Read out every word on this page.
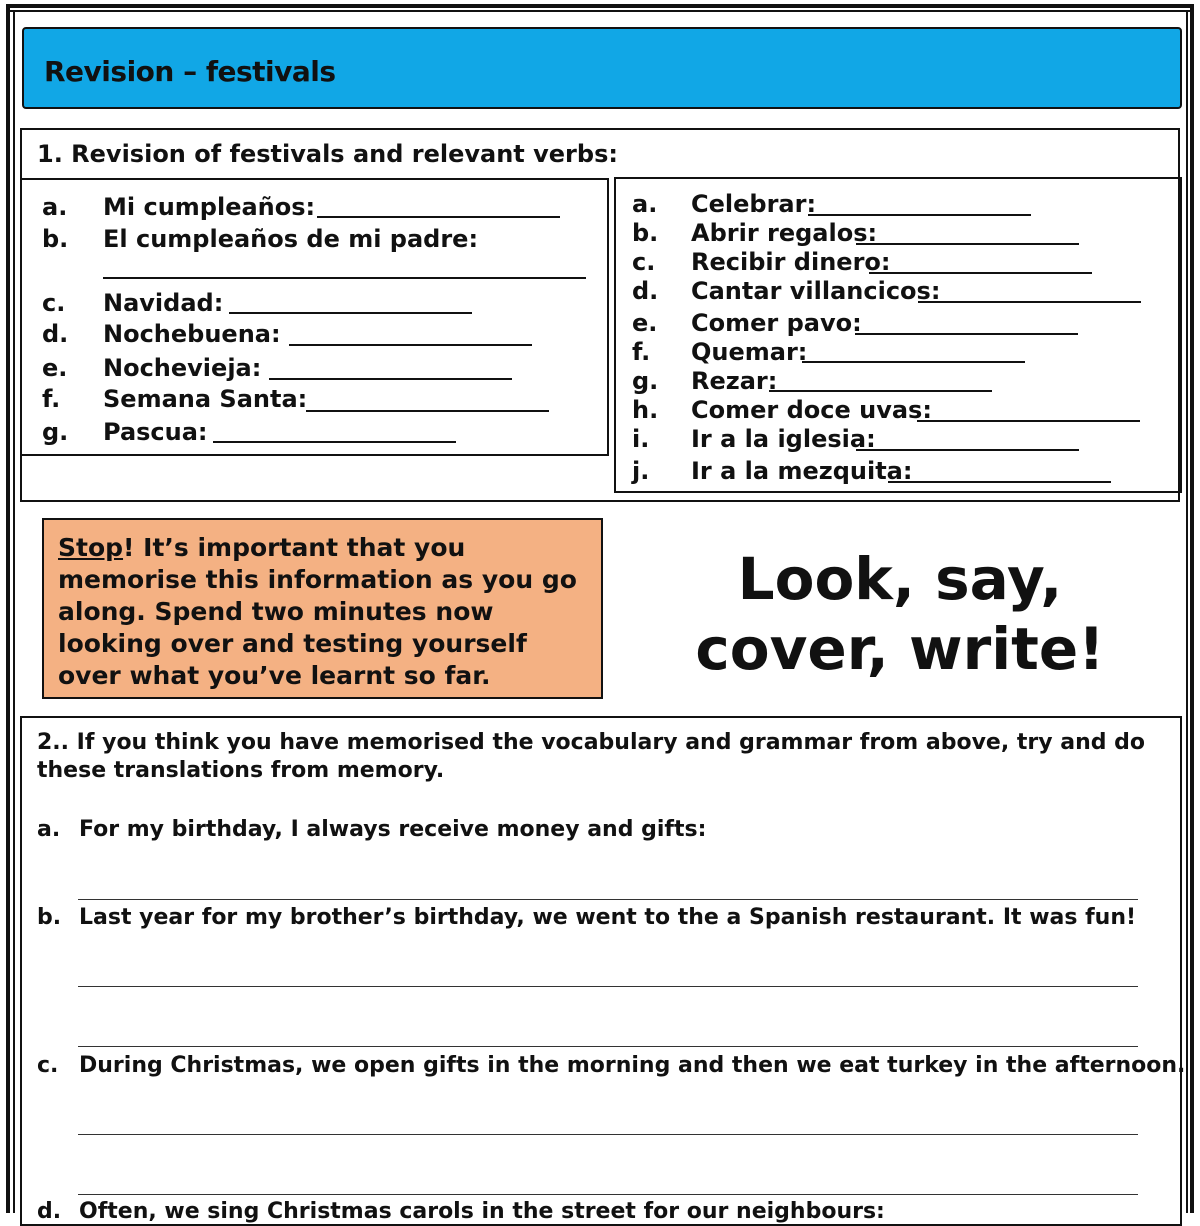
Revision – festivals
1. Revision of festivals and relevant verbs:
a. Mi cumpleaños:
b. El cumpleaños de mi padre:
c. Navidad:
d. Nochebuena:
e. Nochevieja:
f. Semana Santa:
g. Pascua:
a. Celebrar:
b. Abrir regalos:
c. Recibir dinero:
d. Cantar villancicos:
e. Comer pavo:
f. Quemar:
g. Rezar:
h. Comer doce uvas:
i. Ir a la iglesia:
j. Ir a la mezquita:
Stop! It’s important that you memorise this information as you go along. Spend two minutes now looking over and testing yourself over what you’ve learnt so far.
Look, say,
cover, write!
2.. If you think you have memorised the vocabulary and grammar from above, try and do these translations from memory.
a. For my birthday, I always receive money and gifts:
b. Last year for my brother’s birthday, we went to the a Spanish restaurant. It was fun!
c. During Christmas, we open gifts in the morning and then we eat turkey in the afternoon.
d. Often, we sing Christmas carols in the street for our neighbours:
